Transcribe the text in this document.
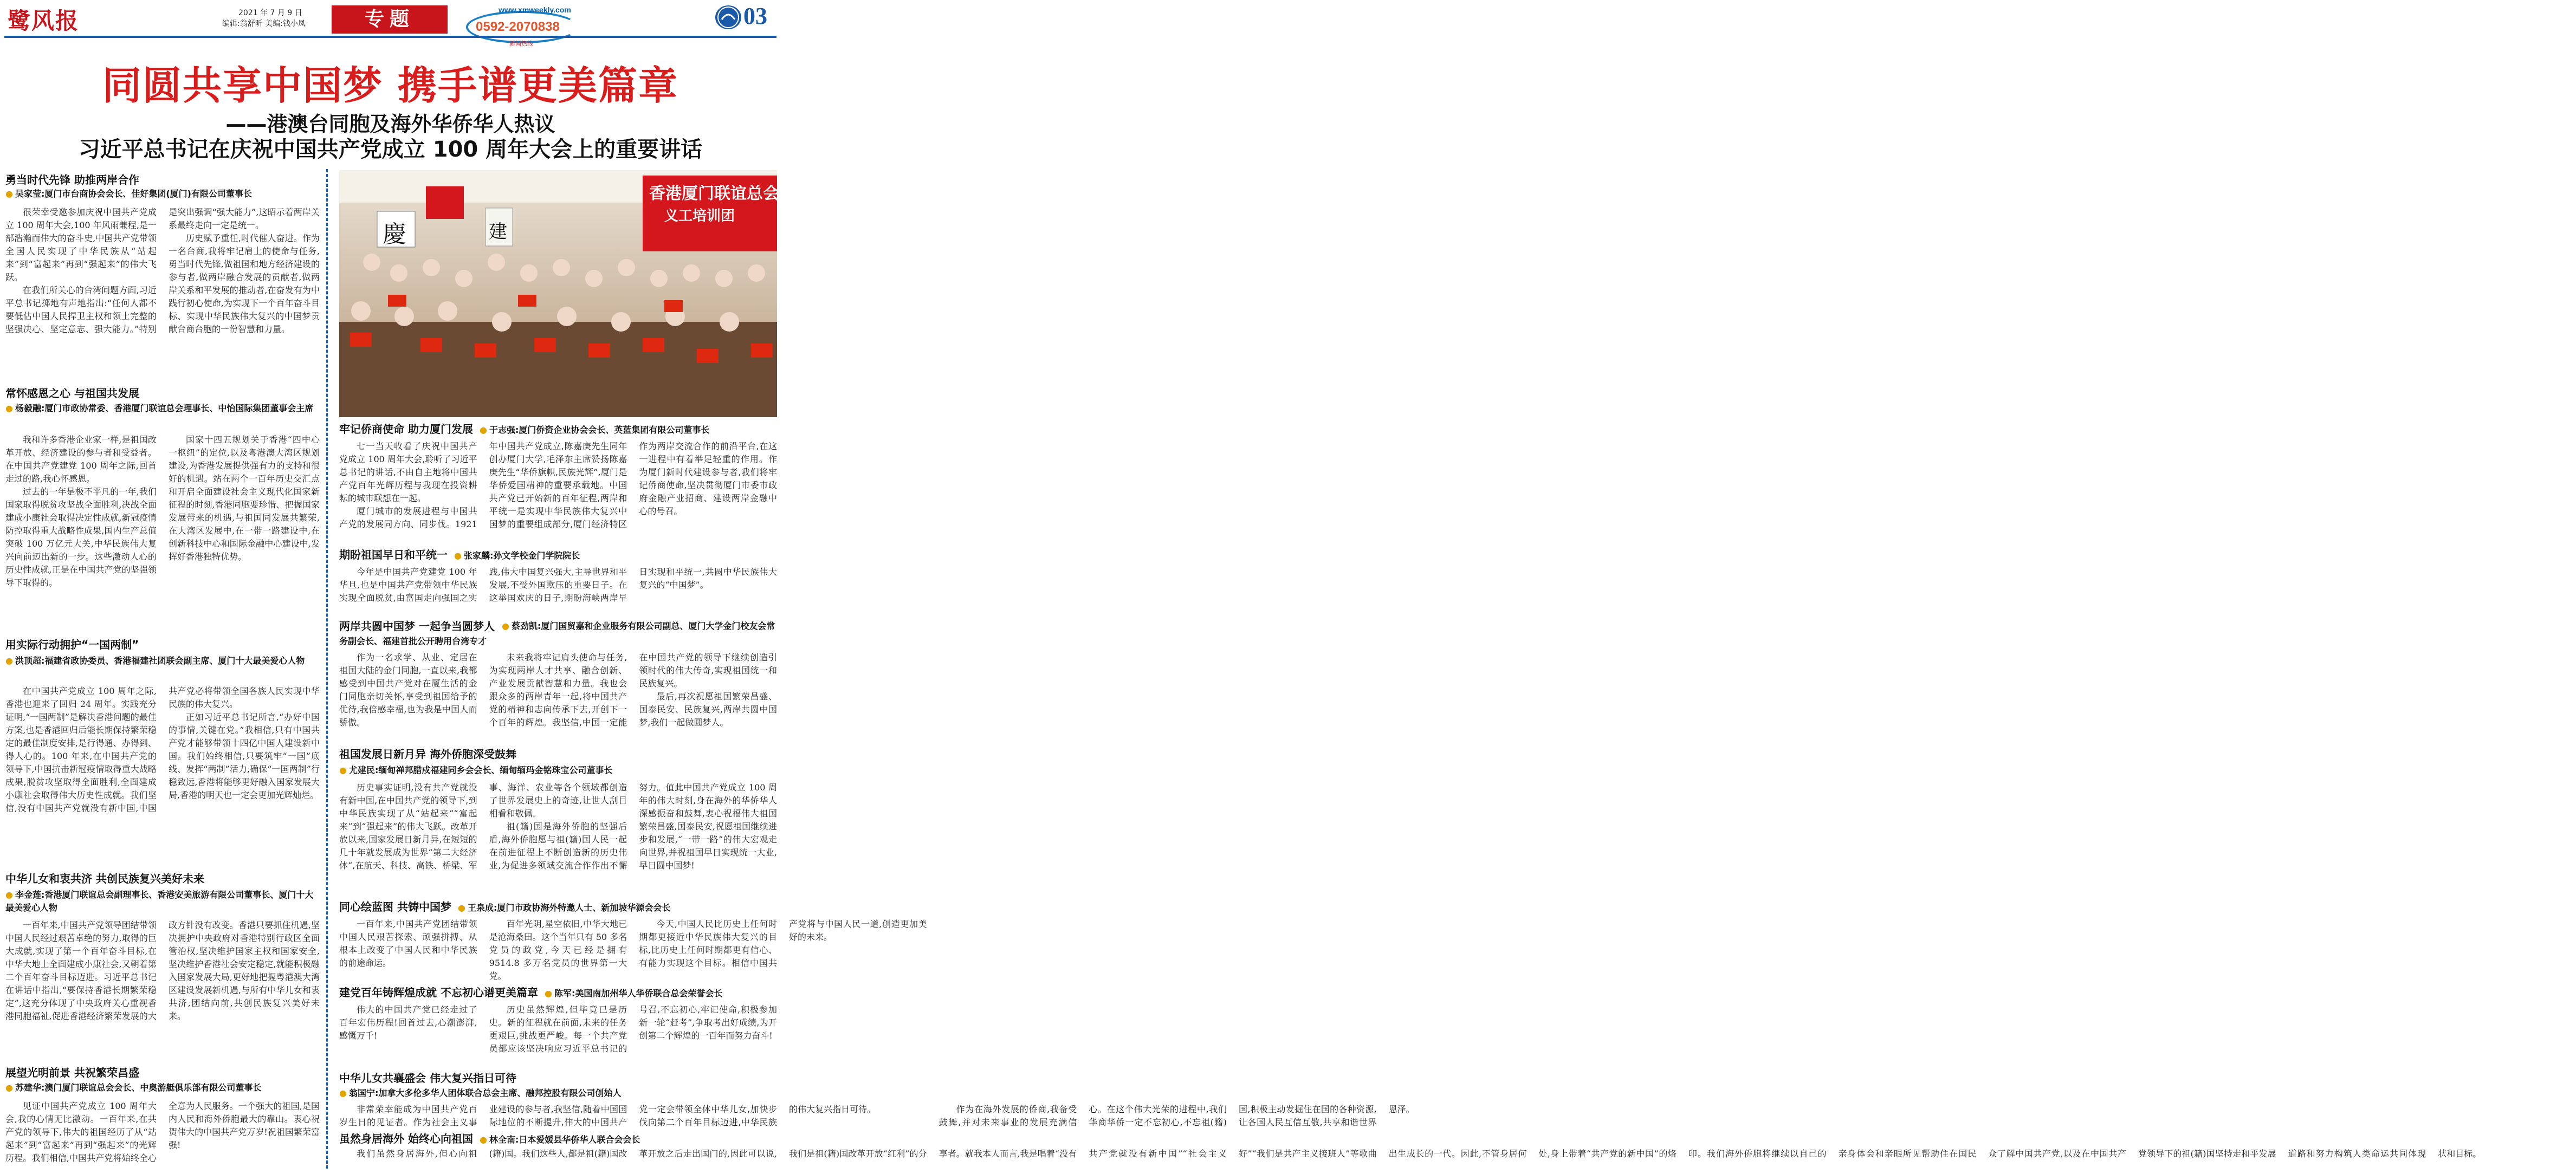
鹭风报	2021 年 7 月 9 日
编辑:翁舒昕 美编:钱小凤	专题	www.xmweekly.com
0592-2070838
新闻热线
03
同圆共享中国梦 携手谱更美篇章
——港澳台同胞及海外华侨华人热议
习近平总书记在庆祝中国共产党成立 100 周年大会上的重要讲话
勇当时代先锋 助推两岸合作
● 吴家莹:厦门市台商协会会长、佳好集团(厦门)有限公司董事长

很荣幸受邀参加庆祝中国共产党成立 100 周年大会,100 年风雨兼程,是一部浩瀚而伟大的奋斗史,中国共产党带领全国人民实现了中华民族从“站起来”到“富起来”再到“强起来”的伟大飞跃。

在我们所关心的台湾问题方面,习近平总书记掷地有声地指出:“任何人都不要低估中国人民捍卫主权和领土完整的坚强决心、坚定意志、强大能力。”特别是突出强调“强大能力”,这昭示着两岸关系最终走向一定是统一。

历史赋予重任,时代催人奋进。作为一名台商,我将牢记肩上的使命与任务,勇当时代先锋,做祖国和地方经济建设的参与者,做两岸融合发展的贡献者,做两岸关系和平发展的推动者,在奋发有为中践行初心使命,为实现下一个百年奋斗目标、实现中华民族伟大复兴的中国梦贡献台商台胞的一份智慧和力量。

常怀感恩之心 与祖国共发展
● 杨毅融:厦门市政协常委、香港厦门联谊总会理事长、中怡国际集团董事会主席

我和许多香港企业家一样,是祖国改革开放、经济建设的参与者和受益者。在中国共产党建党 100 周年之际,回首走过的路,我心怀感恩。

过去的一年是极不平凡的一年,我们国家取得脱贫攻坚战全面胜利,决战全面建成小康社会取得决定性成就,新冠疫情防控取得重大战略性成果,国内生产总值突破 100 万亿元大关,中华民族伟大复兴向前迈出新的一步。这些激动人心的历史性成就,正是在中国共产党的坚强领导下取得的。

国家十四五规划关于香港“四中心一枢纽”的定位,以及粤港澳大湾区规划建设,为香港发展提供强有力的支持和很好的机遇。站在两个一百年历史交汇点和开启全面建设社会主义现代化国家新征程的时刻,香港同胞要珍惜、把握国家发展带来的机遇,与祖国同发展共繁荣,在大湾区发展中,在一带一路建设中,在创新科技中心和国际金融中心建设中,发挥好香港独特优势。

用实际行动拥护“一国两制”
● 洪顶超:福建省政协委员、香港福建社团联会副主席、厦门十大最美爱心人物

在中国共产党成立 100 周年之际,香港也迎来了回归 24 周年。实践充分证明,“一国两制”是解决香港问题的最佳方案,也是香港回归后能长期保持繁荣稳定的最佳制度安排,是行得通、办得到、得人心的。100 年来,在中国共产党的领导下,中国抗击新冠疫情取得重大战略成果,脱贫攻坚取得全面胜利,全面建成小康社会取得伟大历史性成就。我们坚信,没有中国共产党就没有新中国,中国共产党必将带领全国各族人民实现中华民族的伟大复兴。

正如习近平总书记所言,“办好中国的事情,关键在党。”我相信,只有中国共产党才能够带领十四亿中国人建设新中国。我们始终相信,只要筑牢“一国”底线、发挥“两制”活力,确保“一国两制”行稳致远,香港将能够更好融入国家发展大局,香港的明天也一定会更加光辉灿烂。

中华儿女和衷共济 共创民族复兴美好未来
● 李金莲:香港厦门联谊总会副理事长、香港安美旅游有限公司董事长、厦门十大最美爱心人物

一百年来,中国共产党领导团结带领中国人民经过艰苦卓绝的努力,取得的巨大成就,实现了第一个百年奋斗目标,在中华大地上全面建成小康社会,又朝着第二个百年奋斗目标迈进。习近平总书记在讲话中指出,“要保持香港长期繁荣稳定”,这充分体现了中央政府关心重视香港同胞福祉,促进香港经济繁荣发展的大政方针没有改变。香港只要抓住机遇,坚决拥护中央政府对香港特别行政区全面管治权,坚决维护国家主权和国家安全,坚决维护香港社会安定稳定,就能积极融入国家发展大局,更好地把握粤港澳大湾区建设发展新机遇,与所有中华儿女和衷共济,团结向前,共创民族复兴美好未来。

展望光明前景 共祝繁荣昌盛
● 苏建华:澳门厦门联谊总会会长、中奥游艇俱乐部有限公司董事长

见证中国共产党成立 100 周年大会,我的心情无比激动。一百年来,在共产党的领导下,伟大的祖国经历了从“站起来”到“富起来”再到“强起来”的光辉历程。我们相信,中国共产党将始终全心全意为人民服务。一个强大的祖国,是国内人民和海外侨胞最大的靠山。衷心祝贺伟大的中国共产党万岁!祝祖国繁荣富强!

香港厦门联谊总会
义工培训团
慶	建
牢记侨商使命 助力厦门发展 ● 于志强:厦门侨资企业协会会长、英蓝集团有限公司董事长

七一当天收看了庆祝中国共产党成立 100 周年大会,聆听了习近平总书记的讲话,不由自主地将中国共产党百年光辉历程与我现在投资耕耘的城市联想在一起。

厦门城市的发展进程与中国共产党的发展同方向、同步伐。1921 年中国共产党成立,陈嘉庚先生同年创办厦门大学,毛泽东主席赞扬陈嘉庚先生“华侨旗帜,民族光辉”,厦门是华侨爱国精神的重要承载地。中国共产党已开始新的百年征程,两岸和平统一是实现中华民族伟大复兴中国梦的重要组成部分,厦门经济特区作为两岸交流合作的前沿平台,在这一进程中有着举足轻重的作用。作为厦门新时代建设参与者,我们将牢记侨商使命,坚决贯彻厦门市委市政府金融产业招商、建设两岸金融中心的号召。

期盼祖国早日和平统一 ● 张家麟:孙文学校金门学院院长

今年是中国共产党建党 100 年华旦,也是中国共产党带领中华民族实现全面脱贫,由富国走向强国之实践,伟大中国复兴强大,主导世界和平发展,不受外国欺压的重要日子。在这举国欢庆的日子,期盼海峡两岸早日实现和平统一,共圆中华民族伟大复兴的“中国梦”。

两岸共圆中国梦 一起争当圆梦人 ● 蔡劲凯:厦门国贸嘉和企业服务有限公司副总、厦门大学金门校友会常务副会长、福建首批公开聘用台湾专才

作为一名求学、从业、定居在祖国大陆的金门同胞,一直以来,我都感受到中国共产党对在厦生活的金门同胞亲切关怀,享受到祖国给予的优待,我倍感幸福,也为我是中国人而骄傲。

未来我将牢记肩头使命与任务,为实现两岸人才共享、融合创新、产业发展贡献智慧和力量。我也会跟众多的两岸青年一起,将中国共产党的精神和志向传承下去,开创下一个百年的辉煌。我坚信,中国一定能在中国共产党的领导下继续创造引领时代的伟大传奇,实现祖国统一和民族复兴。

最后,再次祝愿祖国繁荣昌盛、国泰民安、民族复兴,两岸共圆中国梦,我们一起做圆梦人。

祖国发展日新月异 海外侨胞深受鼓舞
● 尤建民:缅甸禅邦腊戍福建同乡会会长、缅甸缅玛金铭珠宝公司董事长

历史事实证明,没有共产党就没有新中国,在中国共产党的领导下,到中华民族实现了从“站起来”“富起来”到“强起来”的伟大飞跃。改革开放以来,国家发展日新月异,在短短的几十年就发展成为世界“第二大经济体”,在航天、科技、高铁、桥梁、军事、海洋、农业等各个领域都创造了世界发展史上的奇迹,让世人刮目相看和敬佩。

祖(籍)国是海外侨胞的坚强后盾,海外侨胞愿与祖(籍)国人民一起在前进征程上不断创造新的历史伟业,为促进多领域交流合作作出不懈努力。值此中国共产党成立 100 周年的伟大时刻,身在海外的华侨华人深感振奋和鼓舞,衷心祝福伟大祖国繁荣昌盛,国泰民安,祝愿祖国继续进步和发展,“一带一路”的伟大宏观走向世界,并祝祖国早日实现统一大业,早日圆中国梦!

同心绘蓝图 共铸中国梦 ● 王泉成:厦门市政协海外特邀人士、新加坡华源会会长

一百年来,中国共产党团结带领中国人民艰苦探索、顽强拼搏、从根本上改变了中国人民和中华民族的前途命运。

百年光阴,星空依旧,中华大地已是沧海桑田。这个当年只有 50 多名党员的政党,今天已经是拥有 9514.8 多万名党员的世界第一大党。

今天,中国人民比历史上任何时期都更接近中华民族伟大复兴的目标,比历史上任何时期都更有信心、有能力实现这个目标。相信中国共产党将与中国人民一道,创造更加美好的未来。

建党百年铸辉煌成就 不忘初心谱更美篇章 ● 陈军:美国南加州华人华侨联合总会荣誉会长

伟大的中国共产党已经走过了百年宏伟历程!回首过去,心潮澎湃,感慨万千!

历史虽然辉煌,但毕竟已是历史。新的征程就在前面,未来的任务更艰巨,挑战更严峻。每一个共产党员都应该坚决响应习近平总书记的号召,不忘初心,牢记使命,积极参加新一轮“赶考”,争取考出好成绩,为开创第二个辉煌的一百年而努力奋斗!

中华儿女共襄盛会 伟大复兴指日可待
● 翁国宁:加拿大多伦多华人团体联合总会主席、融邦控股有限公司创始人

非常荣幸能成为中国共产党百岁生日的见证者。作为社会主义事业建设的参与者,我坚信,随着中国国际地位的不断提升,伟大的中国共产党一定会带领全体中华儿女,加快步伐向第二个百年目标迈进,中华民族的伟大复兴指日可待。	作为在海外发展的侨商,我备受鼓舞,并对未来事业的发展充满信心。在这个伟大光荣的进程中,我们华商华侨一定不忘初心,不忘祖(籍)国,积极主动发掘住在国的各种资源,让各国人民互信互敬,共享和谐世界恩泽。

虽然身居海外 始终心向祖国 ● 林全南:日本爱媛县华侨华人联合会会长

我们虽然身居海外,但心向祖(籍)国。我们这些人,都是祖(籍)国改革开放之后走出国门的,因此可以说,我们是祖(籍)国改革开放“红利”的分享者。就我本人而言,我是唱着“没有共产党就没有新中国”“社会主义好”“我们是共产主义接班人”等歌曲出生成长的一代。因此,不管身居何处,身上带着“共产党的新中国”的烙印。我们海外侨胞将继续以自己的亲身体会和亲眼所见帮助住在国民众了解中国共产党,以及在中国共产党领导下的祖(籍)国坚持走和平发展道路和努力构筑人类命运共同体现状和目标。
